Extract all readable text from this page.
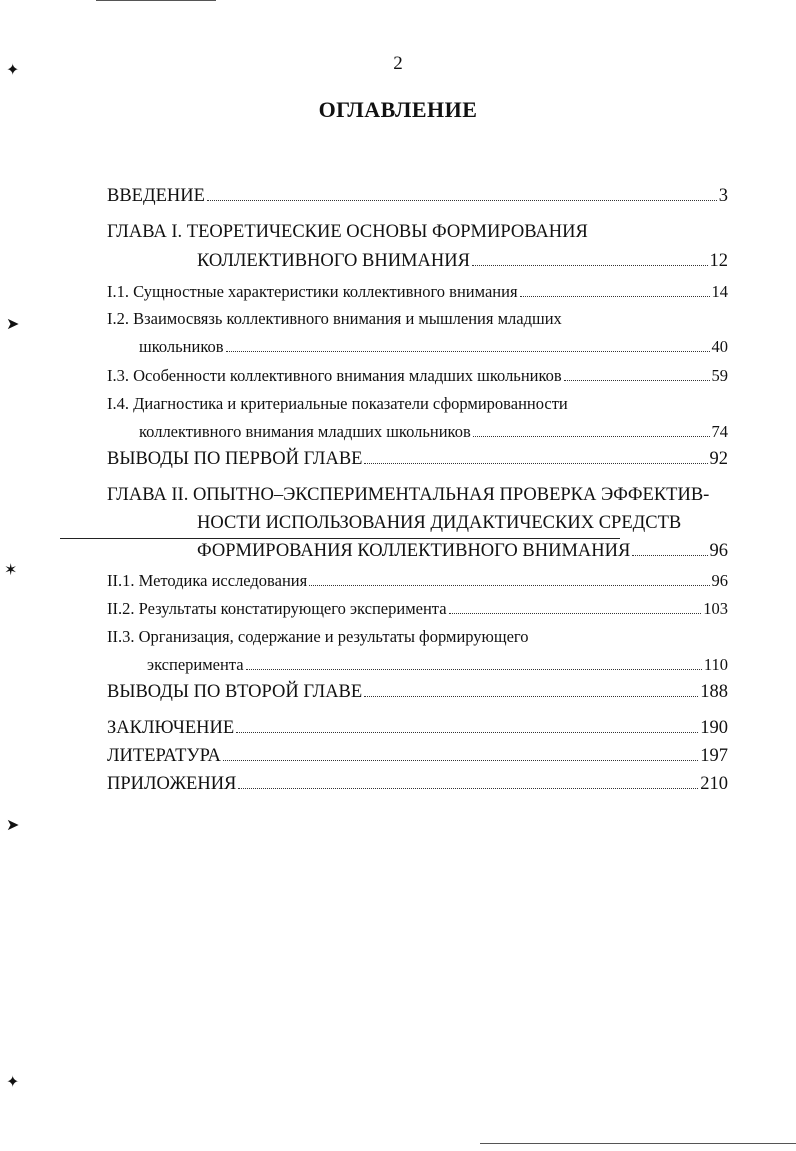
✦
➤
✶
➤
✦
2
ОГЛАВЛЕНИЕ
ВВЕДЕНИЕ	3
ГЛАВА I. ТЕОРЕТИЧЕСКИЕ ОСНОВЫ ФОРМИРОВАНИЯ
КОЛЛЕКТИВНОГО ВНИМАНИЯ	12
I.1. Сущностные характеристики коллективного внимания	14
I.2. Взаимосвязь коллективного внимания и мышления младших
школьников	40
I.3. Особенности коллективного внимания младших школьников	59
I.4. Диагностика и критериальные показатели сформированности
коллективного внимания младших школьников	74
ВЫВОДЫ ПО ПЕРВОЙ ГЛАВЕ	92
ГЛАВА II. ОПЫТНО–ЭКСПЕРИМЕНТАЛЬНАЯ ПРОВЕРКА ЭФФЕКТИВ-
НОСТИ ИСПОЛЬЗОВАНИЯ ДИДАКТИЧЕСКИХ СРЕДСТВ
ФОРМИРОВАНИЯ КОЛЛЕКТИВНОГО ВНИМАНИЯ	96
II.1. Методика исследования	96
II.2. Результаты констатирующего эксперимента	103
II.3. Организация, содержание и результаты формирующего
эксперимента	110
ВЫВОДЫ ПО ВТОРОЙ ГЛАВЕ	188
ЗАКЛЮЧЕНИЕ	190
ЛИТЕРАТУРА	197
ПРИЛОЖЕНИЯ	210
